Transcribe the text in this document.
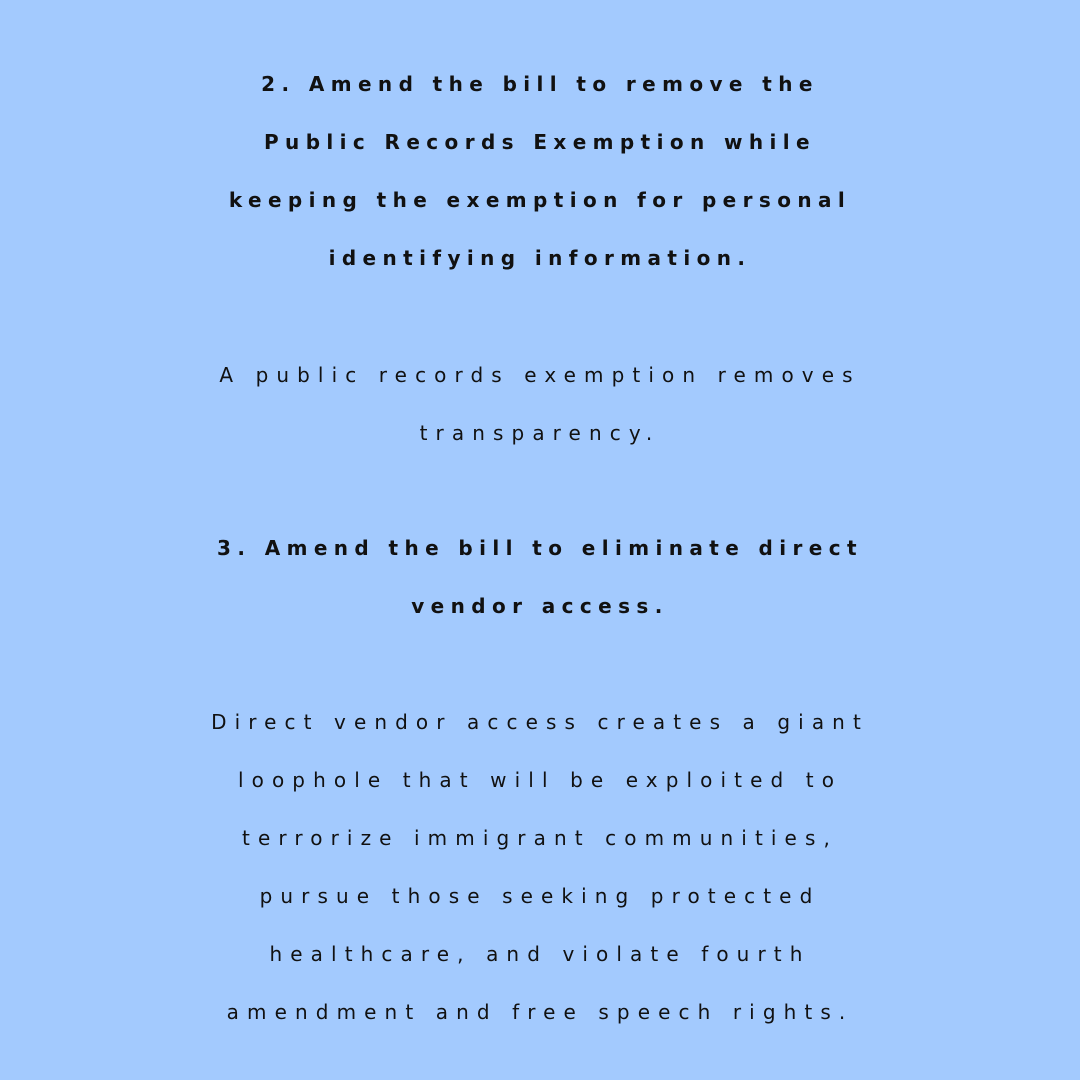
2. Amend the bill to remove the
Public Records Exemption while
keeping the exemption for personal
identifying information.
A public records exemption removes
transparency.
3. Amend the bill to eliminate direct
vendor access.
Direct vendor access creates a giant
loophole that will be exploited to
terrorize immigrant communities,
pursue those seeking protected
healthcare, and violate fourth
amendment and free speech rights.
